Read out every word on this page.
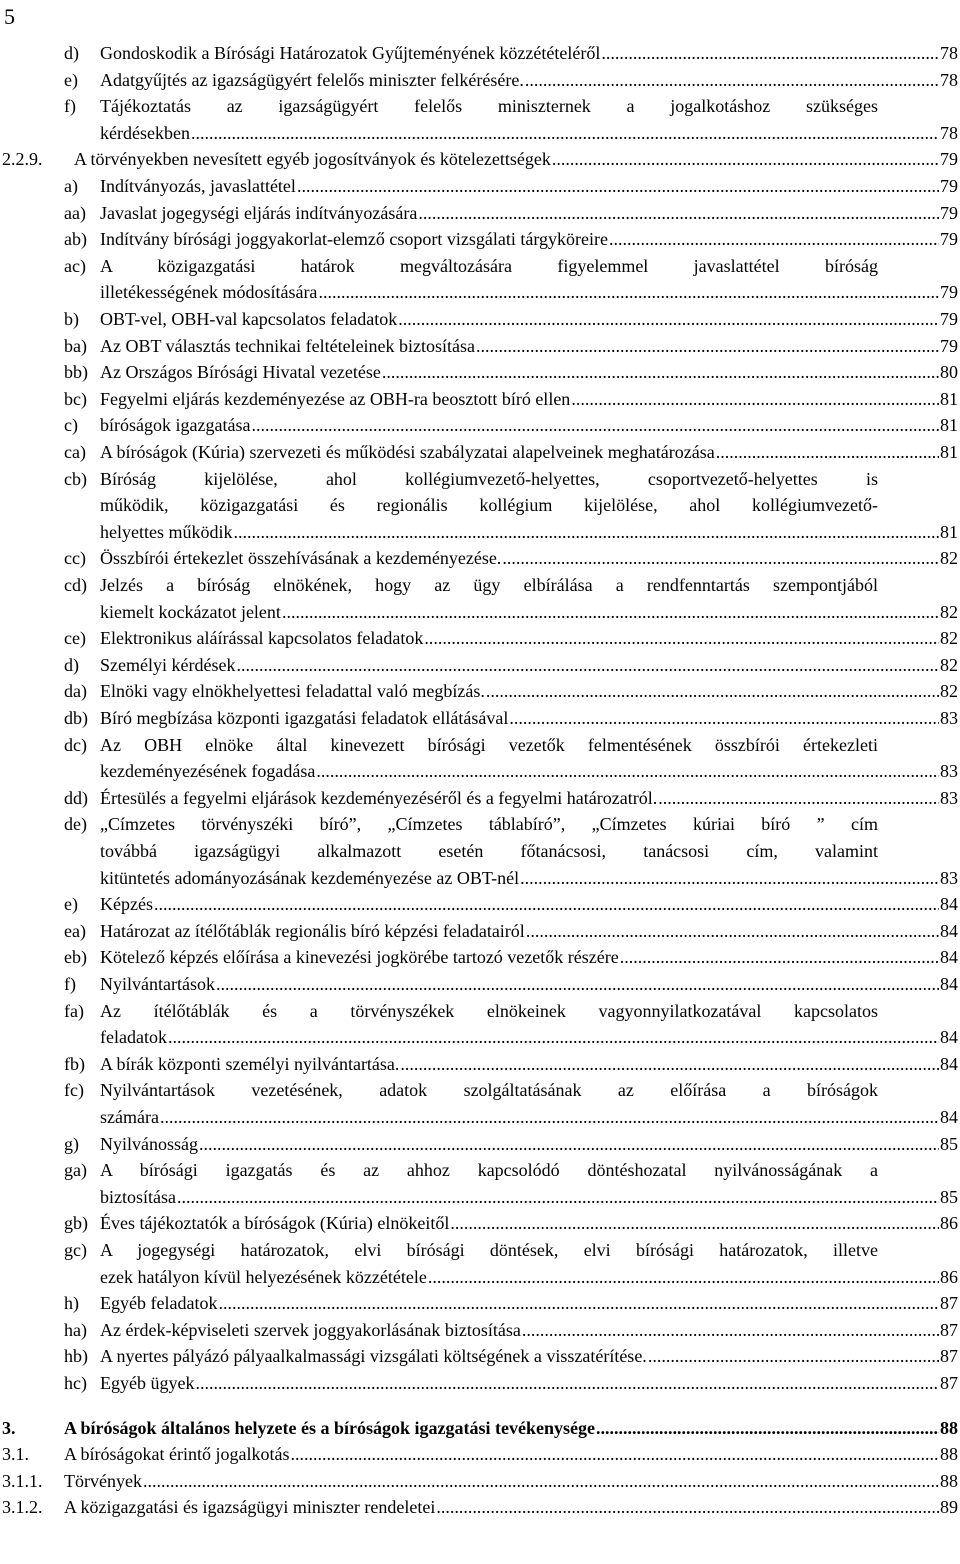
5
d) Gondoskodik a Bírósági Határozatok Gyűjteményének közzétételéről .....	78
e) Adatgyűjtés az igazságügyért felelős miniszter felkérésére. .....	78
f) Tájékoztatás az igazságügyért felelős miniszternek a jogalkotáshoz szükséges
kérdésekben .....	78
2.2.9. A törvényekben nevesített egyéb jogosítványok és kötelezettségek .....	79
a) Indítványozás, javaslattétel .....	79
aa) Javaslat jogegységi eljárás indítványozására .....	79
ab) Indítvány bírósági joggyakorlat-elemző csoport vizsgálati tárgyköreire .....	79
ac) A közigazgatási határok megváltozására figyelemmel javaslattétel bíróság
illetékességének módosítására .....	79
b) OBT-vel, OBH-val kapcsolatos feladatok .....	79
ba) Az OBT választás technikai feltételeinek biztosítása .....	79
bb) Az Országos Bírósági Hivatal vezetése .....	80
bc) Fegyelmi eljárás kezdeményezése az OBH-ra beosztott bíró ellen .....	81
c) bíróságok igazgatása .....	81
ca) A bíróságok (Kúria) szervezeti és működési szabályzatai alapelveinek meghatározása .....	81
cb) Bíróság kijelölése, ahol kollégiumvezető-helyettes, csoportvezető-helyettes is
működik, közigazgatási és regionális kollégium kijelölése, ahol kollégiumvezető-
helyettes működik .....	81
cc) Összbírói értekezlet összehívásának a kezdeményezése. .....	82
cd) Jelzés a bíróság elnökének, hogy az ügy elbírálása a rendfenntartás szempontjából
kiemelt kockázatot jelent .....	82
ce) Elektronikus aláírással kapcsolatos feladatok .....	82
d) Személyi kérdések .....	82
da) Elnöki vagy elnökhelyettesi feladattal való megbízás. .....	82
db) Bíró megbízása központi igazgatási feladatok ellátásával .....	83
dc) Az OBH elnöke által kinevezett bírósági vezetők felmentésének összbírói értekezleti
kezdeményezésének fogadása .....	83
dd) Értesülés a fegyelmi eljárások kezdeményezéséről és a fegyelmi határozatról. .....	83
de) „Címzetes törvényszéki bíró”, „Címzetes táblabíró”, „Címzetes kúriai bíró ” cím
továbbá igazságügyi alkalmazott esetén főtanácsosi, tanácsosi cím, valamint
kitüntetés adományozásának kezdeményezése az OBT-nél .....	83
e) Képzés .....	84
ea) Határozat az ítélőtáblák regionális bíró képzési feladatairól .....	84
eb) Kötelező képzés előírása a kinevezési jogkörébe tartozó vezetők részére .....	84
f) Nyilvántartások .....	84
fa) Az ítélőtáblák és a törvényszékek elnökeinek vagyonnyilatkozatával kapcsolatos
feladatok .....	84
fb) A bírák központi személyi nyilvántartása. .....	84
fc) Nyilvántartások vezetésének, adatok szolgáltatásának az előírása a bíróságok
számára .....	84
g) Nyilvánosság .....	85
ga) A bírósági igazgatás és az ahhoz kapcsolódó döntéshozatal nyilvánosságának a
biztosítása .....	85
gb) Éves tájékoztatók a bíróságok (Kúria) elnökeitől .....	86
gc) A jogegységi határozatok, elvi bírósági döntések, elvi bírósági határozatok, illetve
ezek hatályon kívül helyezésének közzététele .....	86
h) Egyéb feladatok .....	87
ha) Az érdek-képviseleti szervek joggyakorlásának biztosítása .....	87
hb) A nyertes pályázó pályaalkalmassági vizsgálati költségének a visszatérítése. .....	87
hc) Egyéb ügyek .....	87
3.	A bíróságok általános helyzete és a bíróságok igazgatási tevékenysége .....	88
3.1. A bíróságokat érintő jogalkotás .....	88
3.1.1. Törvények .....	88
3.1.2. A közigazgatási és igazságügyi miniszter rendeletei .....	89
